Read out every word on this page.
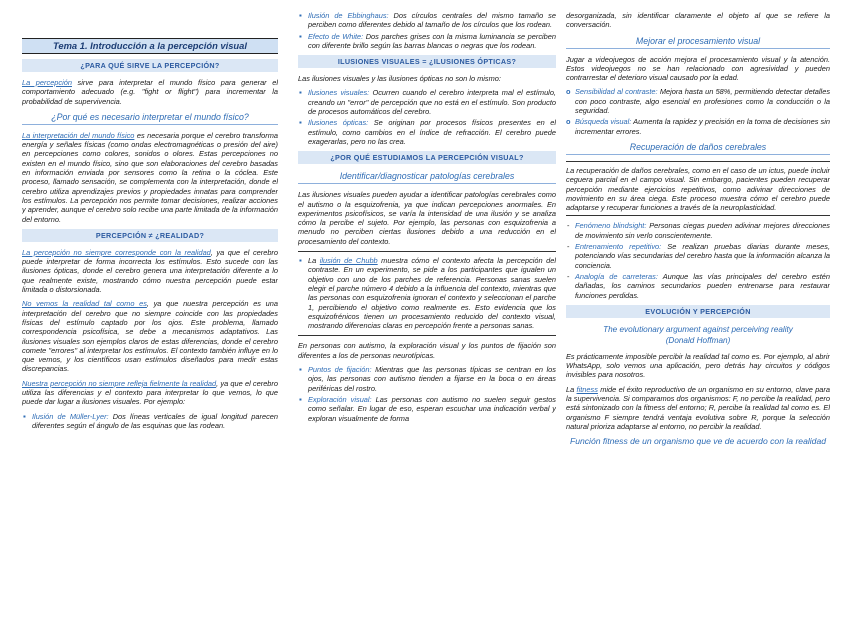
Tema 1. Introducción a la percepción visual
¿PARA QUÉ SIRVE LA PERCEPCIÓN?

La percepción sirve para interpretar el mundo físico para generar el comportamiento adecuado (e.g. "fight or flight") para incrementar la probabilidad de supervivencia.

¿Por qué es necesario interpretar el mundo físico?

La interpretación del mundo físico es necesaria porque el cerebro transforma energía y señales físicas (como ondas electromagnéticas o presión del aire) en percepciones como colores, sonidos o olores. Estas percepciones no existen en el mundo físico, sino que son elaboraciones del cerebro basadas en información enviada por sensores como la retina o la cóclea. Este proceso, llamado sensación, se complementa con la interpretación, donde el cerebro utiliza aprendizajes previos y propiedades innatas para comprender los estímulos. La percepción nos permite tomar decisiones, realizar acciones y aprender, aunque el cerebro solo recibe una parte limitada de la información del entorno.

PERCEPCIÓN ≠ ¿REALIDAD?

La percepción no siempre corresponde con la realidad, ya que el cerebro puede interpretar de forma incorrecta los estímulos. Esto sucede con las ilusiones ópticas, donde el cerebro genera una interpretación diferente a lo que realmente existe, mostrando cómo nuestra percepción puede estar limitada o distorsionada.

No vemos la realidad tal como es, ya que nuestra percepción es una interpretación del cerebro que no siempre coincide con las propiedades físicas del estímulo captado por los ojos. Este problema, llamado correspondencia psicofísica, se debe a mecanismos adaptativos. Las ilusiones visuales son ejemplos claros de estas diferencias, donde el cerebro comete "errores" al interpretar los estímulos. El contexto también influye en lo que vemos, y los científicos usan estímulos diseñados para medir estas discrepancias.

Nuestra percepción no siempre refleja fielmente la realidad, ya que el cerebro utiliza las diferencias y el contexto para interpretar lo que vemos, lo que puede dar lugar a ilusiones visuales. Por ejemplo:

▪ Ilusión de Müller-Lyer: Dos líneas verticales de igual longitud parecen diferentes según el ángulo de las esquinas que las rodean.
▪ Ilusión de Ebbinghaus: Dos círculos centrales del mismo tamaño se perciben como diferentes debido al tamaño de los círculos que los rodean.
▪ Efecto de White: Dos parches grises con la misma luminancia se perciben con diferente brillo según las barras blancas o negras que los rodean.
ILUSIONES VISUALES = ¿ILUSIONES ÓPTICAS?

Las ilusiones visuales y las ilusiones ópticas no son lo mismo:

▪ Ilusiones visuales: Ocurren cuando el cerebro interpreta mal el estímulo, creando un "error" de percepción que no está en el estímulo. Son producto de procesos automáticos del cerebro.
▪ Ilusiones ópticas: Se originan por procesos físicos presentes en el estímulo, como cambios en el índice de refracción. El cerebro puede exagerarlas, pero no las crea.
¿POR QUÉ ESTUDIAMOS LA PERCEPCIÓN VISUAL?
Identificar/diagnosticar patologías cerebrales

Las ilusiones visuales pueden ayudar a identificar patologías cerebrales como el autismo o la esquizofrenia, ya que indican percepciones anormales. En experimentos psicofísicos, se varía la intensidad de una ilusión y se analiza cómo la percibe el sujeto. Por ejemplo, las personas con esquizofrenia a menudo no perciben ciertas ilusiones debido a una reducción en el procesamiento del contexto.

▪ La ilusión de Chubb muestra cómo el contexto afecta la percepción del contraste. En un experimento, se pide a los participantes que igualen un objetivo con uno de los parches de referencia. Personas sanas suelen elegir el parche número 4 debido a la influencia del contexto, mientras que las personas con esquizofrenia ignoran el contexto y seleccionan el parche 1, percibiendo el objetivo como realmente es. Esto evidencia que los esquizofrénicos tienen un procesamiento reducido del contexto visual, mostrando diferencias claras en percepción frente a personas sanas.

En personas con autismo, la exploración visual y los puntos de fijación son diferentes a los de personas neurotípicas.

▪ Puntos de fijación: Mientras que las personas típicas se centran en los ojos, las personas con autismo tienden a fijarse en la boca o en áreas periféricas del rostro.
▪ Exploración visual: Las personas con autismo no suelen seguir gestos como señalar. En lugar de eso, esperan escuchar una indicación verbal y exploran visualmente de forma

desorganizada, sin identificar claramente el objeto al que se refiere la conversación.

Mejorar el procesamiento visual

Jugar a videojuegos de acción mejora el procesamiento visual y la atención. Estos videojuegos no se han relacionado con agresividad y pueden contrarrestar el deterioro visual causado por la edad.

o Sensibilidad al contraste: Mejora hasta un 58%, permitiendo detectar detalles con poco contraste, algo esencial en profesiones como la conducción o la seguridad.
o Búsqueda visual: Aumenta la rapidez y precisión en la toma de decisiones sin incrementar errores.
Recuperación de daños cerebrales

La recuperación de daños cerebrales, como en el caso de un ictus, puede incluir ceguera parcial en el campo visual. Sin embargo, pacientes pueden recuperar percepción mediante ejercicios repetitivos, como adivinar direcciones de movimiento en su área ciega. Este proceso muestra cómo el cerebro puede adaptarse y recuperar funciones a través de la neuroplasticidad.

- Fenómeno blindsight: Personas ciegas pueden adivinar mejores direcciones de movimiento sin verlo conscientemente.
- Entrenamiento repetitivo: Se realizan pruebas diarias durante meses, potenciando vías secundarias del cerebro hasta que la información alcanza la conciencia.
- Analogía de carreteras: Aunque las vías principales del cerebro estén dañadas, los caminos secundarios pueden entrenarse para restaurar funciones perdidas.
EVOLUCIÓN Y PERCEPCIÓN
The evolutionary argument against perceiving reality
(Donald Hoffman)

Es prácticamente imposible percibir la realidad tal como es. Por ejemplo, al abrir WhatsApp, solo vemos una aplicación, pero detrás hay circuitos y códigos invisibles para nosotros.

La fitness mide el éxito reproductivo de un organismo en su entorno, clave para la supervivencia. Si comparamos dos organismos: F, no percibe la realidad, pero está sintonizado con la fitness del entorno; R, percibe la realidad tal como es. El organismo F siempre tendrá ventaja evolutiva sobre R, porque la selección natural prioriza adaptarse al entorno, no percibir la realidad.

Función fitness de un organismo que ve de acuerdo con la realidad
